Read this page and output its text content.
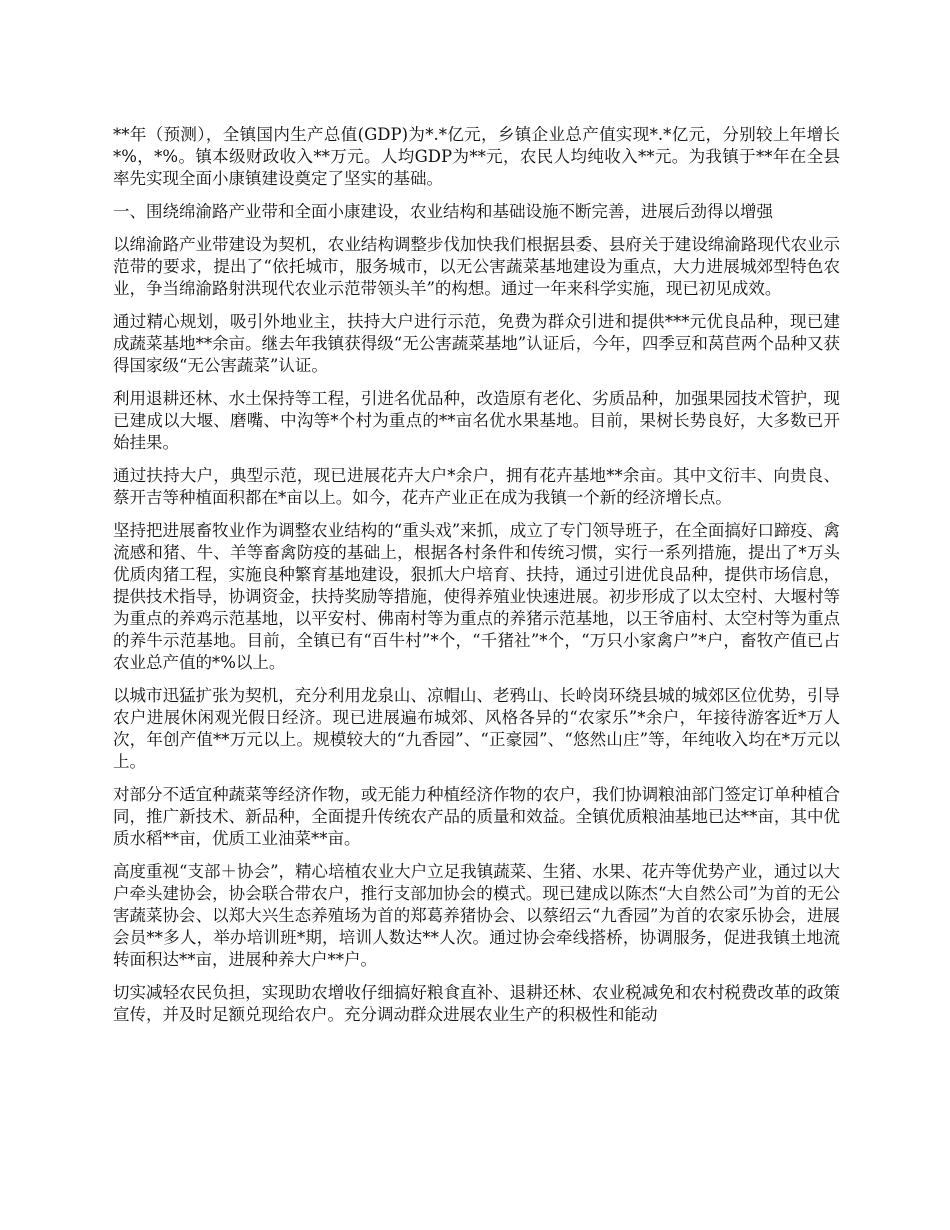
**年（预测），全镇国内生产总值(GDP)为*.*亿元，乡镇企业总产值实现*.*亿元，分别较上年增长*%，*%。镇本级财政收入**万元。人均GDP为**元，农民人均纯收入**元。为我镇于**年在全县率先实现全面小康镇建设奠定了坚实的基础。

一、围绕绵渝路产业带和全面小康建设，农业结构和基础设施不断完善，进展后劲得以增强

以绵渝路产业带建设为契机，农业结构调整步伐加快我们根据县委、县府关于建设绵渝路现代农业示范带的要求，提出了“依托城市，服务城市，以无公害蔬菜基地建设为重点，大力进展城郊型特色农业，争当绵渝路射洪现代农业示范带领头羊”的构想。通过一年来科学实施，现已初见成效。

通过精心规划，吸引外地业主，扶持大户进行示范，免费为群众引进和提供***元优良品种，现已建成蔬菜基地**余亩。继去年我镇获得级“无公害蔬菜基地”认证后，今年，四季豆和莴苣两个品种又获得国家级“无公害蔬菜”认证。

利用退耕还林、水土保持等工程，引进名优品种，改造原有老化、劣质品种，加强果园技术管护，现已建成以大堰、磨嘴、中沟等*个村为重点的**亩名优水果基地。目前，果树长势良好，大多数已开始挂果。

通过扶持大户，典型示范，现已进展花卉大户*余户，拥有花卉基地**余亩。其中文衍丰、向贵良、蔡开吉等种植面积都在*亩以上。如今，花卉产业正在成为我镇一个新的经济增长点。

坚持把进展畜牧业作为调整农业结构的“重头戏”来抓，成立了专门领导班子，在全面搞好口蹄疫、禽流感和猪、牛、羊等畜禽防疫的基础上，根据各村条件和传统习惯，实行一系列措施，提出了*万头优质肉猪工程，实施良种繁育基地建设，狠抓大户培育、扶持，通过引进优良品种，提供市场信息，提供技术指导，协调资金，扶持奖励等措施，使得养殖业快速进展。初步形成了以太空村、大堰村等为重点的养鸡示范基地，以平安村、佛南村等为重点的养猪示范基地，以王爷庙村、太空村等为重点的养牛示范基地。目前，全镇已有“百牛村”*个，“千猪社”*个，“万只小家禽户”*户，畜牧产值已占农业总产值的*%以上。

以城市迅猛扩张为契机，充分利用龙泉山、凉帽山、老鸦山、长岭岗环绕县城的城郊区位优势，引导农户进展休闲观光假日经济。现已进展遍布城郊、风格各异的“农家乐”*余户，年接待游客近*万人次，年创产值**万元以上。规模较大的“九香园”、“正豪园”、“悠然山庄”等，年纯收入均在*万元以上。

对部分不适宜种蔬菜等经济作物，或无能力种植经济作物的农户，我们协调粮油部门签定订单种植合同，推广新技术、新品种，全面提升传统农产品的质量和效益。全镇优质粮油基地已达**亩，其中优质水稻**亩，优质工业油菜**亩。

高度重视“支部＋协会”，精心培植农业大户立足我镇蔬菜、生猪、水果、花卉等优势产业，通过以大户牵头建协会，协会联合带农户，推行支部加协会的模式。现已建成以陈杰“大自然公司”为首的无公害蔬菜协会、以郑大兴生态养殖场为首的郑葛养猪协会、以蔡绍云“九香园”为首的农家乐协会，进展会员**多人，举办培训班*期，培训人数达**人次。通过协会牵线搭桥，协调服务，促进我镇土地流转面积达**亩，进展种养大户**户。

切实减轻农民负担，实现助农增收仔细搞好粮食直补、退耕还林、农业税减免和农村税费改革的政策宣传，并及时足额兑现给农户。充分调动群众进展农业生产的积极性和能动
